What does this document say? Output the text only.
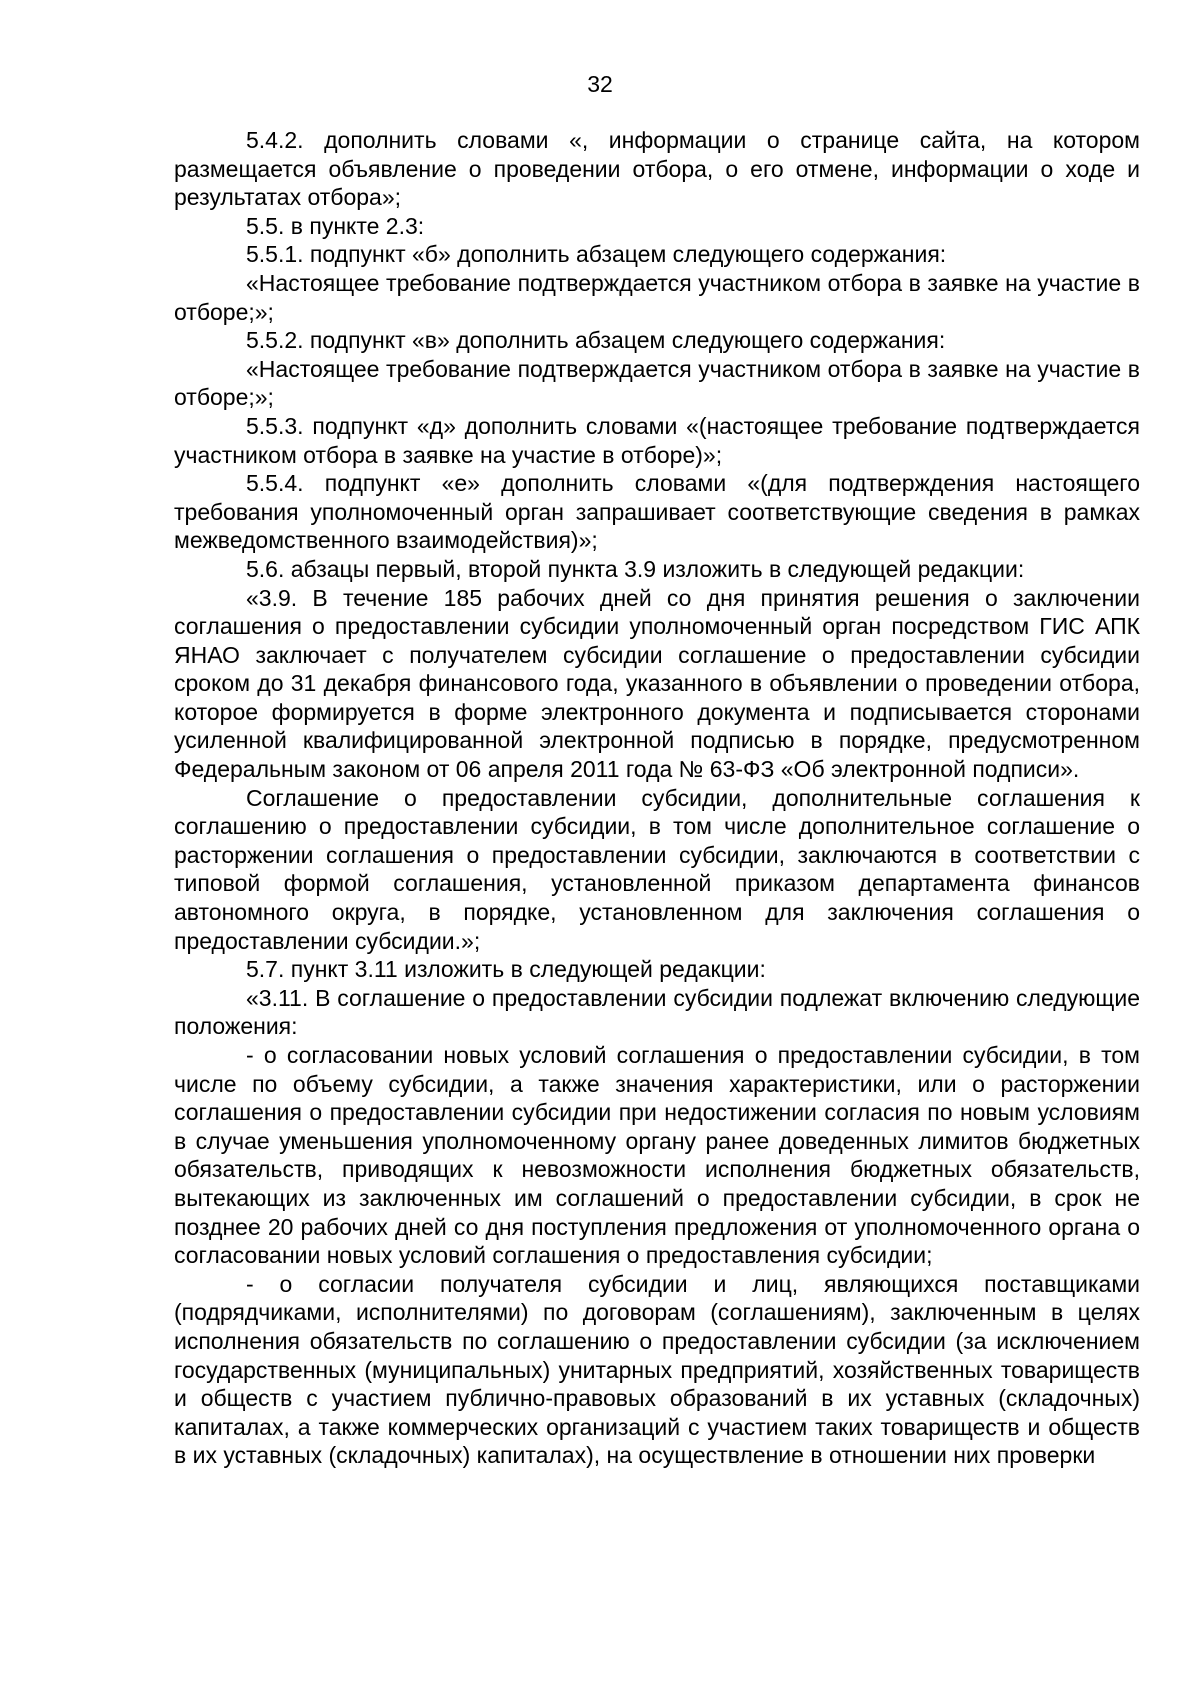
32

5.4.2. дополнить словами «, информации о странице сайта, на котором размещается объявление о проведении отбора, о его отмене, информации о ходе и результатах отбора»;

5.5. в пункте 2.3:

5.5.1. подпункт «б» дополнить абзацем следующего содержания:

«Настоящее требование подтверждается участником отбора в заявке на участие в отборе;»;

5.5.2. подпункт «в» дополнить абзацем следующего содержания:

«Настоящее требование подтверждается участником отбора в заявке на участие в отборе;»;

5.5.3. подпункт «д» дополнить словами «(настоящее требование подтверждается участником отбора в заявке на участие в отборе)»;

5.5.4. подпункт «е» дополнить словами «(для подтверждения настоящего требования уполномоченный орган запрашивает соответствующие сведения в рамках межведомственного взаимодействия)»;

5.6. абзацы первый, второй пункта 3.9 изложить в следующей редакции:

«3.9. В течение 185 рабочих дней со дня принятия решения о заключении соглашения о предоставлении субсидии уполномоченный орган посредством ГИС АПК ЯНАО заключает с получателем субсидии соглашение о предоставлении субсидии сроком до 31 декабря финансового года, указанного в объявлении о проведении отбора, которое формируется в форме электронного документа и подписывается сторонами усиленной квалифицированной электронной подписью в порядке, предусмотренном Федеральным законом от 06 апреля 2011 года № 63-ФЗ «Об электронной подписи».

Соглашение о предоставлении субсидии, дополнительные соглашения к соглашению о предоставлении субсидии, в том числе дополнительное соглашение о расторжении соглашения о предоставлении субсидии, заключаются в соответствии с типовой формой соглашения, установленной приказом департамента финансов автономного округа, в порядке, установленном для заключения соглашения о предоставлении субсидии.»;

5.7. пункт 3.11 изложить в следующей редакции:

«3.11. В соглашение о предоставлении субсидии подлежат включению следующие положения:

- о согласовании новых условий соглашения о предоставлении субсидии, в том числе по объему субсидии, а также значения характеристики, или о расторжении соглашения о предоставлении субсидии при недостижении согласия по новым условиям в случае уменьшения уполномоченному органу ранее доведенных лимитов бюджетных обязательств, приводящих к невозможности исполнения бюджетных обязательств, вытекающих из заключенных им соглашений о предоставлении субсидии, в срок не позднее 20 рабочих дней со дня поступления предложения от уполномоченного органа о согласовании новых условий соглашения о предоставления субсидии;

- о согласии получателя субсидии и лиц, являющихся поставщиками (подрядчиками, исполнителями) по договорам (соглашениям), заключенным в целях исполнения обязательств по соглашению о предоставлении субсидии (за исключением государственных (муниципальных) унитарных предприятий, хозяйственных товариществ и обществ с участием публично-правовых образований в их уставных (складочных) капиталах, а также коммерческих организаций с участием таких товариществ и обществ в их уставных (складочных) капиталах), на осуществление в отношении них проверки
